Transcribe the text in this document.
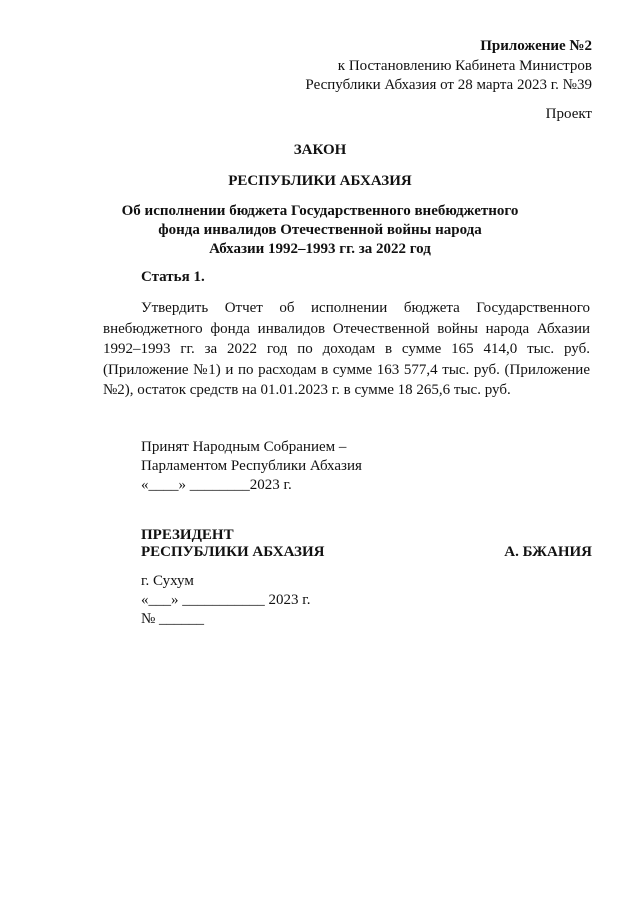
Приложение №2
к Постановлению Кабинета Министров
Республики Абхазия от 28 марта 2023 г. №39
Проект
ЗАКОН
РЕСПУБЛИКИ АБХАЗИЯ
Об исполнении бюджета Государственного внебюджетного
фонда инвалидов Отечественной войны народа
Абхазии 1992–1993 гг. за 2022 год
Статья 1.
Утвердить Отчет об исполнении бюджета Государственного внебюджетного фонда инвалидов Отечественной войны народа Абхазии 1992–1993 гг. за 2022 год по доходам в сумме 165 414,0 тыс. руб. (Приложение №1) и по расходам в сумме 163 577,4 тыс. руб. (Приложение №2), остаток средств на 01.01.2023 г. в сумме 18 265,6 тыс. руб.
Принят Народным Собранием –
Парламентом Республики Абхазия
«____» ________2023 г.
ПРЕЗИДЕНТ
РЕСПУБЛИКИ АБХАЗИЯ	А. БЖАНИЯ
г. Сухум
«___» ___________ 2023 г.
№ ______
